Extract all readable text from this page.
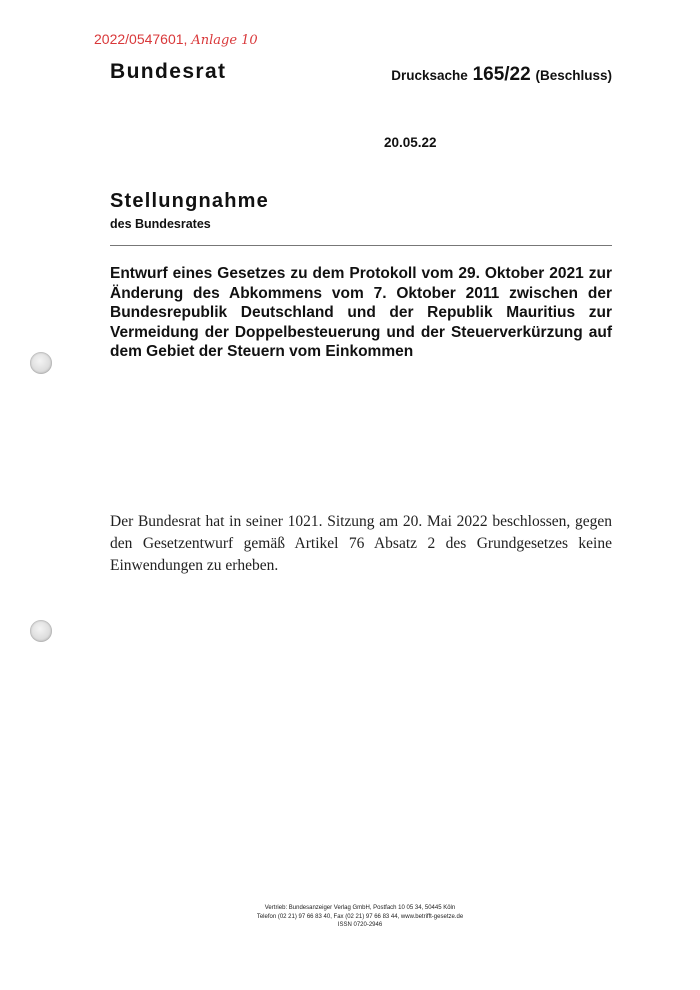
2022/0547601, Anlage 10
Bundesrat	Drucksache 165/22 (Beschluss)
20.05.22
Stellungnahme
des Bundesrates
Entwurf eines Gesetzes zu dem Protokoll vom 29. Oktober 2021 zur Änderung des Abkommens vom 7. Oktober 2011 zwischen der Bundesrepublik Deutschland und der Republik Mauritius zur Vermeidung der Doppelbesteuerung und der Steuerverkürzung auf dem Gebiet der Steuern vom Einkommen
Der Bundesrat hat in seiner 1021. Sitzung am 20. Mai 2022 beschlossen, gegen den Gesetzentwurf gemäß Artikel 76 Absatz 2 des Grundgesetzes keine Einwendungen zu erheben.
Vertrieb: Bundesanzeiger Verlag GmbH, Postfach 10 05 34, 50445 Köln
Telefon (02 21) 97 66 83 40, Fax (02 21) 97 66 83 44, www.betrifft-gesetze.de
ISSN 0720-2946
